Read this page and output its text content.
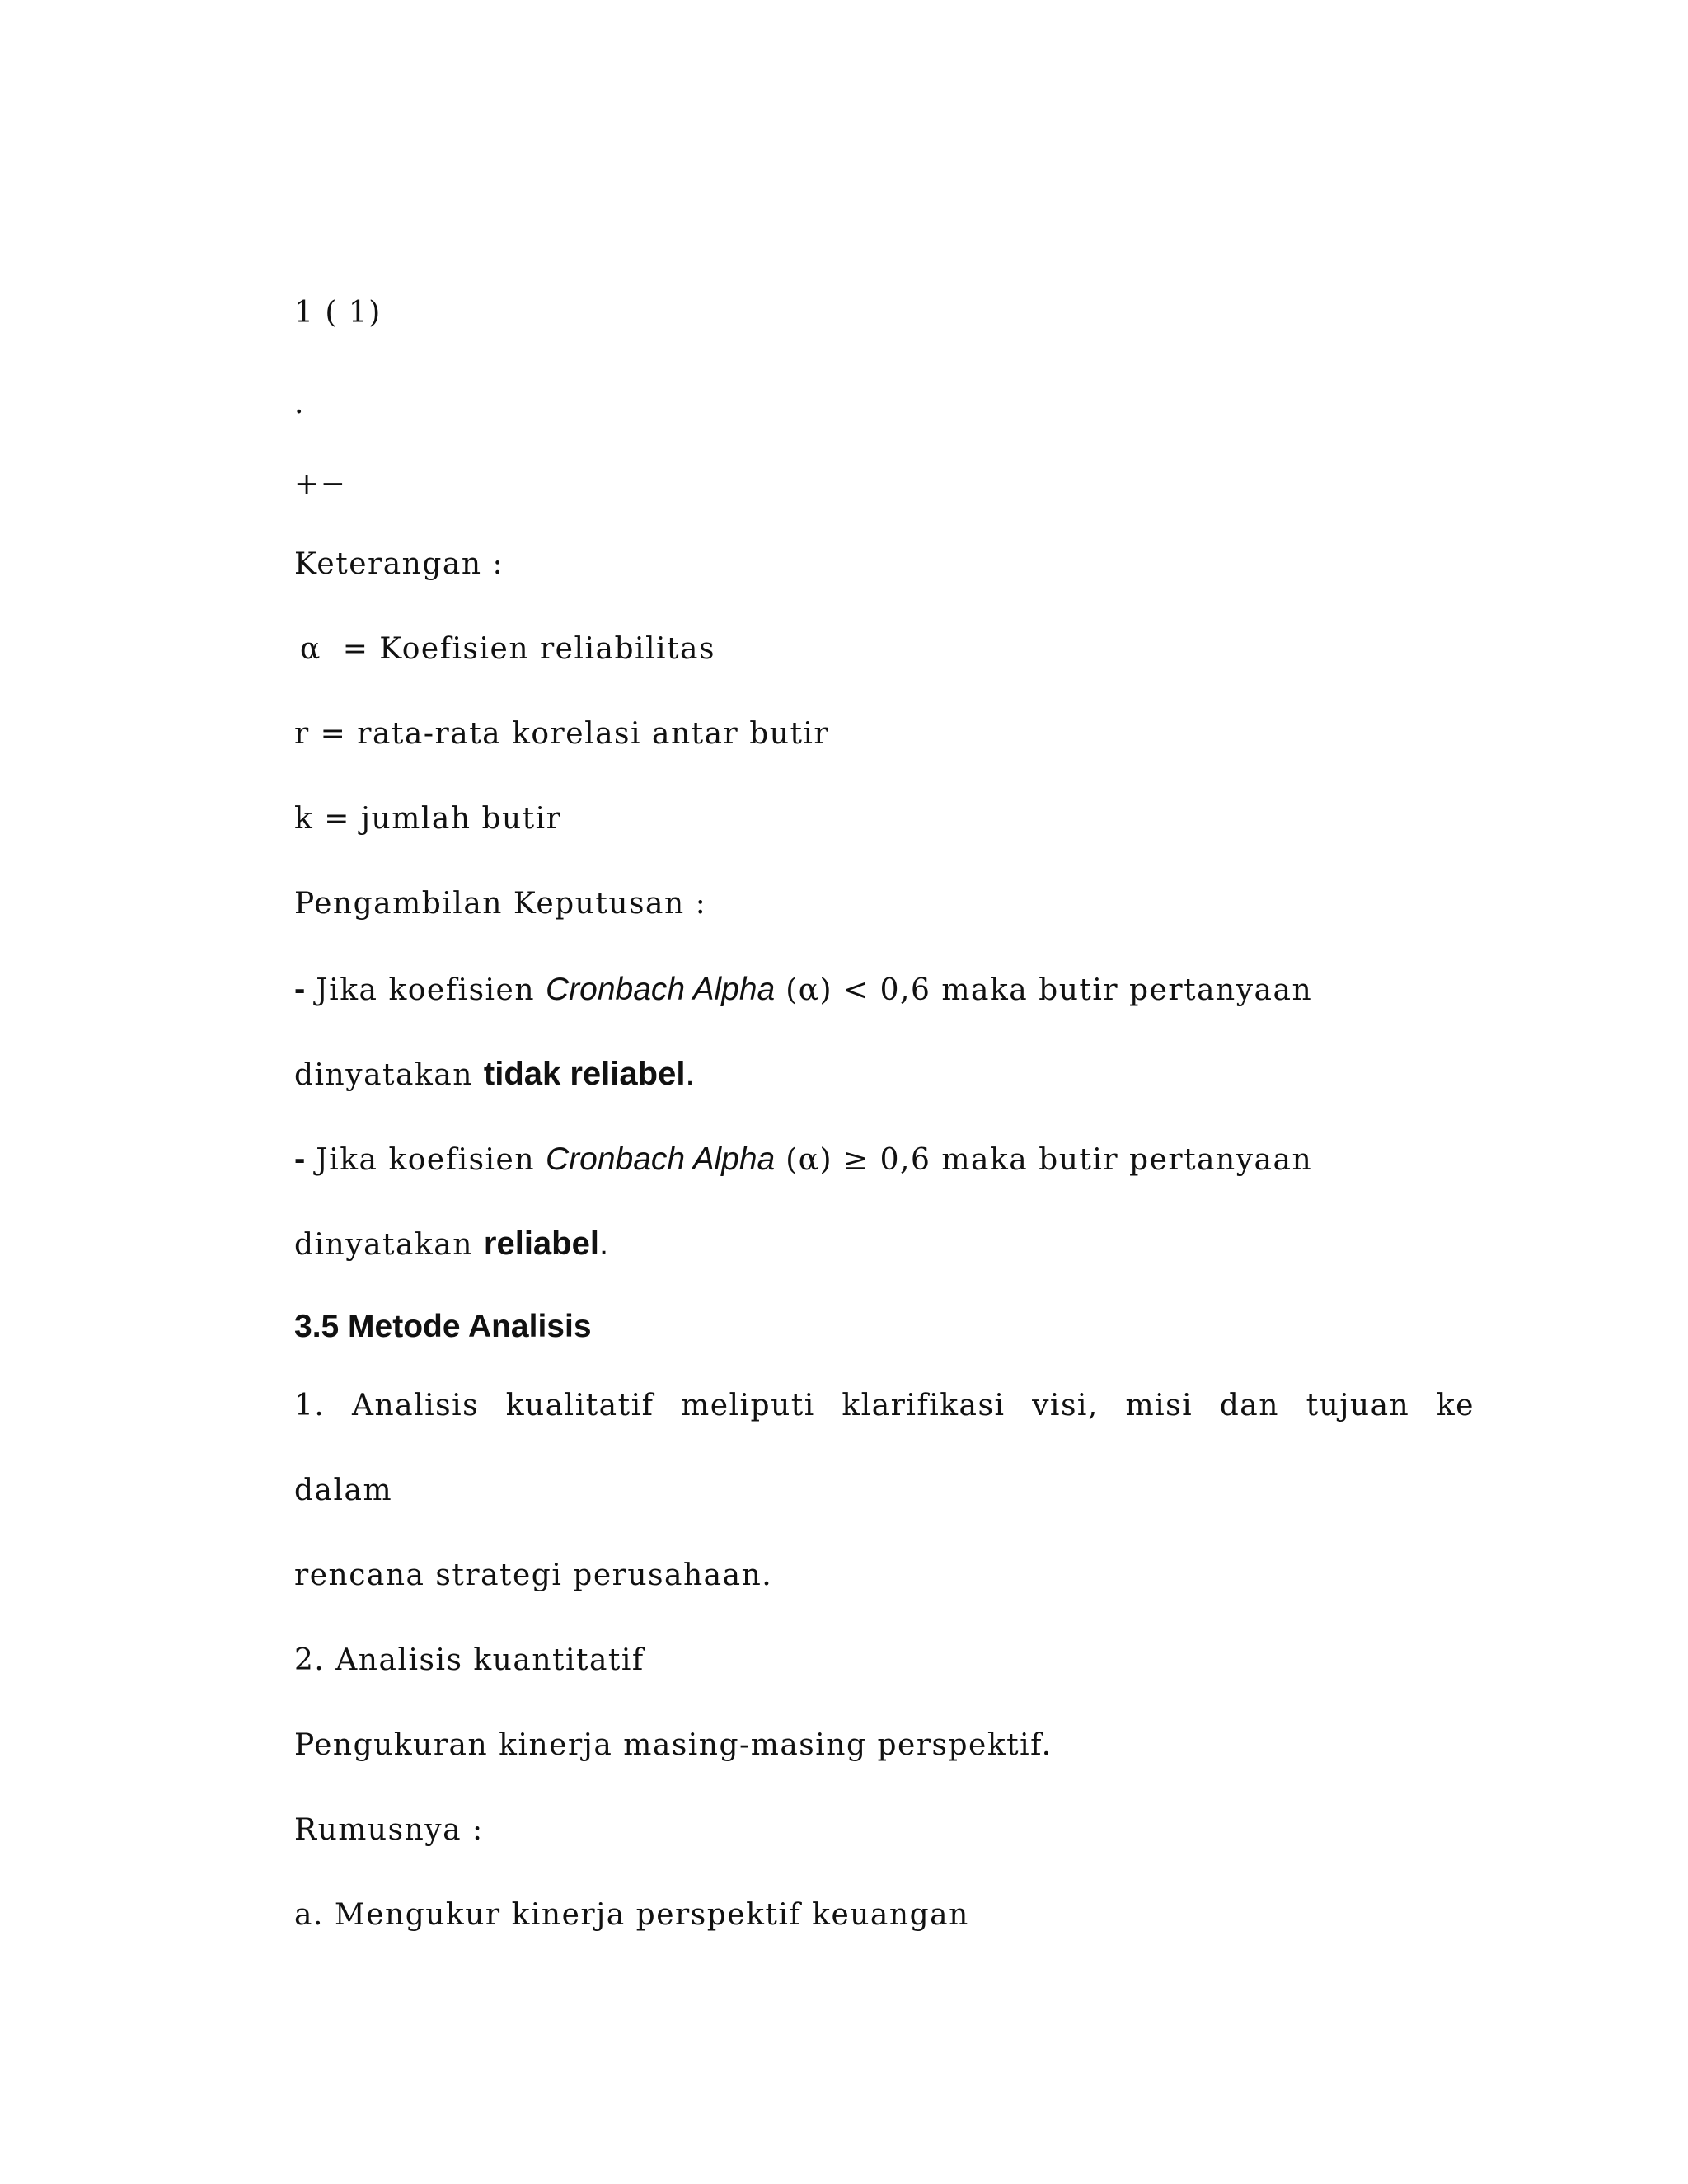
1 ( 1)
.
+−
Keterangan :
α  = Koefisien reliabilitas
r = rata-rata korelasi antar butir
k = jumlah butir
Pengambilan Keputusan :
- Jika koefisien Cronbach Alpha (α) < 0,6 maka butir pertanyaan
dinyatakan tidak reliabel.
- Jika koefisien Cronbach Alpha (α) ≥ 0,6 maka butir pertanyaan
dinyatakan reliabel.
3.5 Metode Analisis
1. Analisis kualitatif meliputi klarifikasi visi, misi dan tujuan ke
dalam
rencana strategi perusahaan.
2. Analisis kuantitatif
Pengukuran kinerja masing-masing perspektif.
Rumusnya :
a. Mengukur kinerja perspektif keuangan
